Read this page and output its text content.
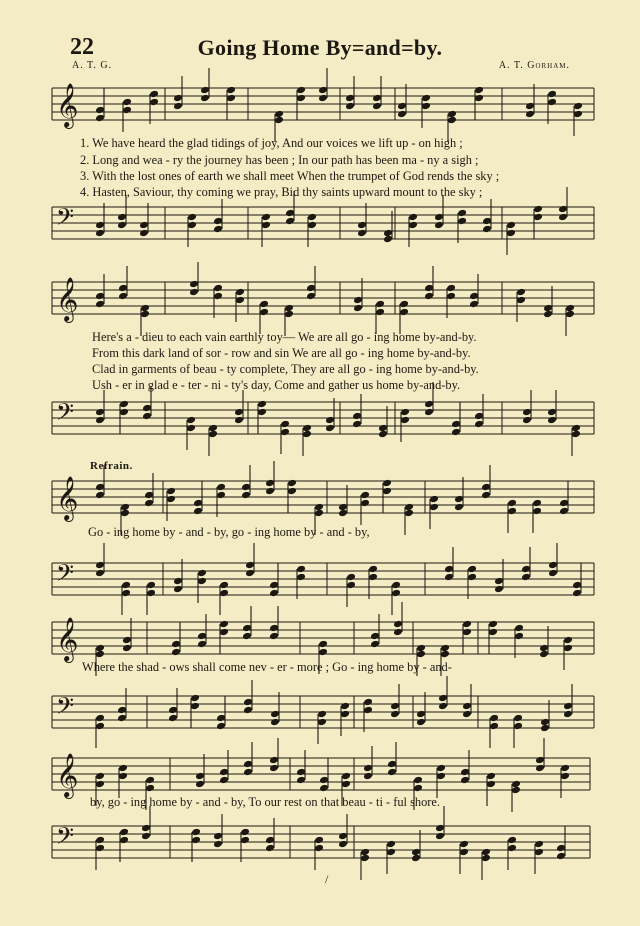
22	Going Home By=and=by.
A. T. G.	A. T. Gorham.
𝄞
𝄢
𝄞
𝄢
𝄞
𝄢
𝄞
𝄢
𝄞
𝄢
1. We have heard the glad tidings of joy, And our voices we lift up - on high ;
2. Long and wea - ry the journey has been ; In our path has been ma - ny a sigh ;
3. With the lost ones of earth we shall meet When the trumpet of God rends the sky ;
4. Hasten, Saviour, thy coming we pray, Bid thy saints upward mount to the sky ;
Here's a - dieu to each vain earthly toy— We are all go - ing home by-and-by.
From this dark land of sor - row and sin We are all go - ing home by-and-by.
Clad in garments of beau - ty complete, They are all go - ing home by-and-by.
Ush - er in glad e - ter - ni - ty's day, Come and gather us home by-and-by.
Refrain.
Go - ing home by - and - by, go - ing home by - and - by,
Where the shad - ows shall come nev - er - more ; Go - ing home by - and-
by, go - ing home by - and - by, To our rest on that beau - ti - ful shore.
/
